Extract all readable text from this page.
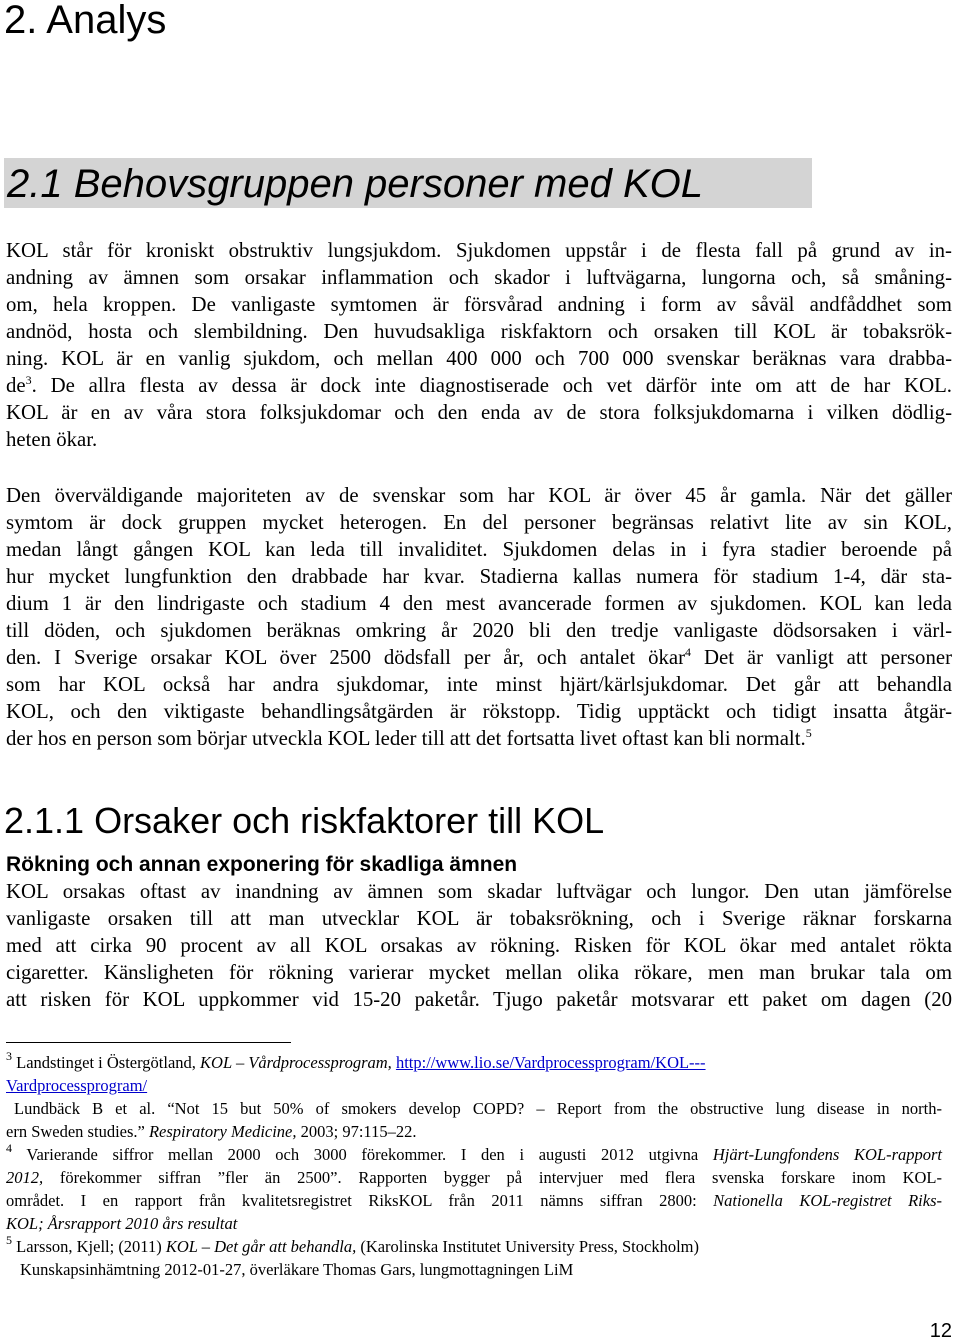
2. Analys
2.1 Behovsgruppen personer med KOL
KOL står för kroniskt obstruktiv lungsjukdom. Sjukdomen uppstår i de flesta fall på grund av in-
andning av ämnen som orsakar inflammation och skador i luftvägarna, lungorna och, så småning-
om, hela kroppen. De vanligaste symtomen är försvårad andning i form av såväl andfåddhet som
andnöd, hosta och slembildning. Den huvudsakliga riskfaktorn och orsaken till KOL är tobaksrök-
ning. KOL är en vanlig sjukdom, och mellan 400 000 och 700 000 svenskar beräknas vara drabba-
$de^3$. De allra flesta av dessa är dock inte diagnostiserade och vet därför inte om att de har KOL.
KOL är en av våra stora folksjukdomar och den enda av de stora folksjukdomarna i vilken dödlig-
heten ökar.
Den överväldigande majoriteten av de svenskar som har KOL är över 45 år gamla. När det gäller
symtom är dock gruppen mycket heterogen. En del personer begränsas relativt lite av sin KOL,
medan långt gången KOL kan leda till invaliditet. Sjukdomen delas in i fyra stadier beroende på
hur mycket lungfunktion den drabbade har kvar. Stadierna kallas numera för stadium 1-4, där sta-
dium 1 är den lindrigaste och stadium 4 den mest avancerade formen av sjukdomen. KOL kan leda
till döden, och sjukdomen beräknas omkring år 2020 bli den tredje vanligaste dödsorsaken i värl-
den. I Sverige orsakar KOL över 2500 dödsfall per år, och antalet ökar$^4$ Det är vanligt att personer
som har KOL också har andra sjukdomar, inte minst hjärt/kärlsjukdomar. Det går att behandla
KOL, och den viktigaste behandlingsåtgärden är rökstopp. Tidig upptäckt och tidigt insatta åtgär-
der hos en person som börjar utveckla KOL leder till att det fortsatta livet oftast kan bli normalt.$^5$
2.1.1 Orsaker och riskfaktorer till KOL
Rökning och annan exponering för skadliga ämnen
KOL orsakas oftast av inandning av ämnen som skadar luftvägar och lungor. Den utan jämförelse
vanligaste orsaken till att man utvecklar KOL är tobaksrökning, och i Sverige räknar forskarna
med att cirka 90 procent av all KOL orsakas av rökning. Risken för KOL ökar med antalet rökta
cigaretter. Känsligheten för rökning varierar mycket mellan olika rökare, men man brukar tala om
att risken för KOL uppkommer vid 15-20 paketår. Tjugo paketår motsvarar ett paket om dagen (20
$^3$ Landstinget i Östergötland, KOL – Vårdprocessprogram, http://www.lio.se/Vardprocessprogram/KOL---
Vardprocessprogram/
Lundbäck B et al. “Not 15 but 50% of smokers develop COPD? – Report from the obstructive lung disease in north-
ern Sweden studies.” Respiratory Medicine, 2003; 97:115–22.
$^4$ Varierande siffror mellan 2000 och 3000 förekommer. I den i augusti 2012 utgivna Hjärt-Lungfondens KOL-rapport
2012, förekommer siffran ”fler än 2500”. Rapporten bygger på intervjuer med flera svenska forskare inom KOL-
området. I en rapport från kvalitetsregistret RiksKOL från 2011 nämns siffran 2800: Nationella KOL-registret Riks-
KOL; Årsrapport 2010 års resultat
$^5$ Larsson, Kjell; (2011) KOL – Det går att behandla, (Karolinska Institutet University Press, Stockholm)
Kunskapsinhämtning 2012-01-27, överläkare Thomas Gars, lungmottagningen LiM
12
